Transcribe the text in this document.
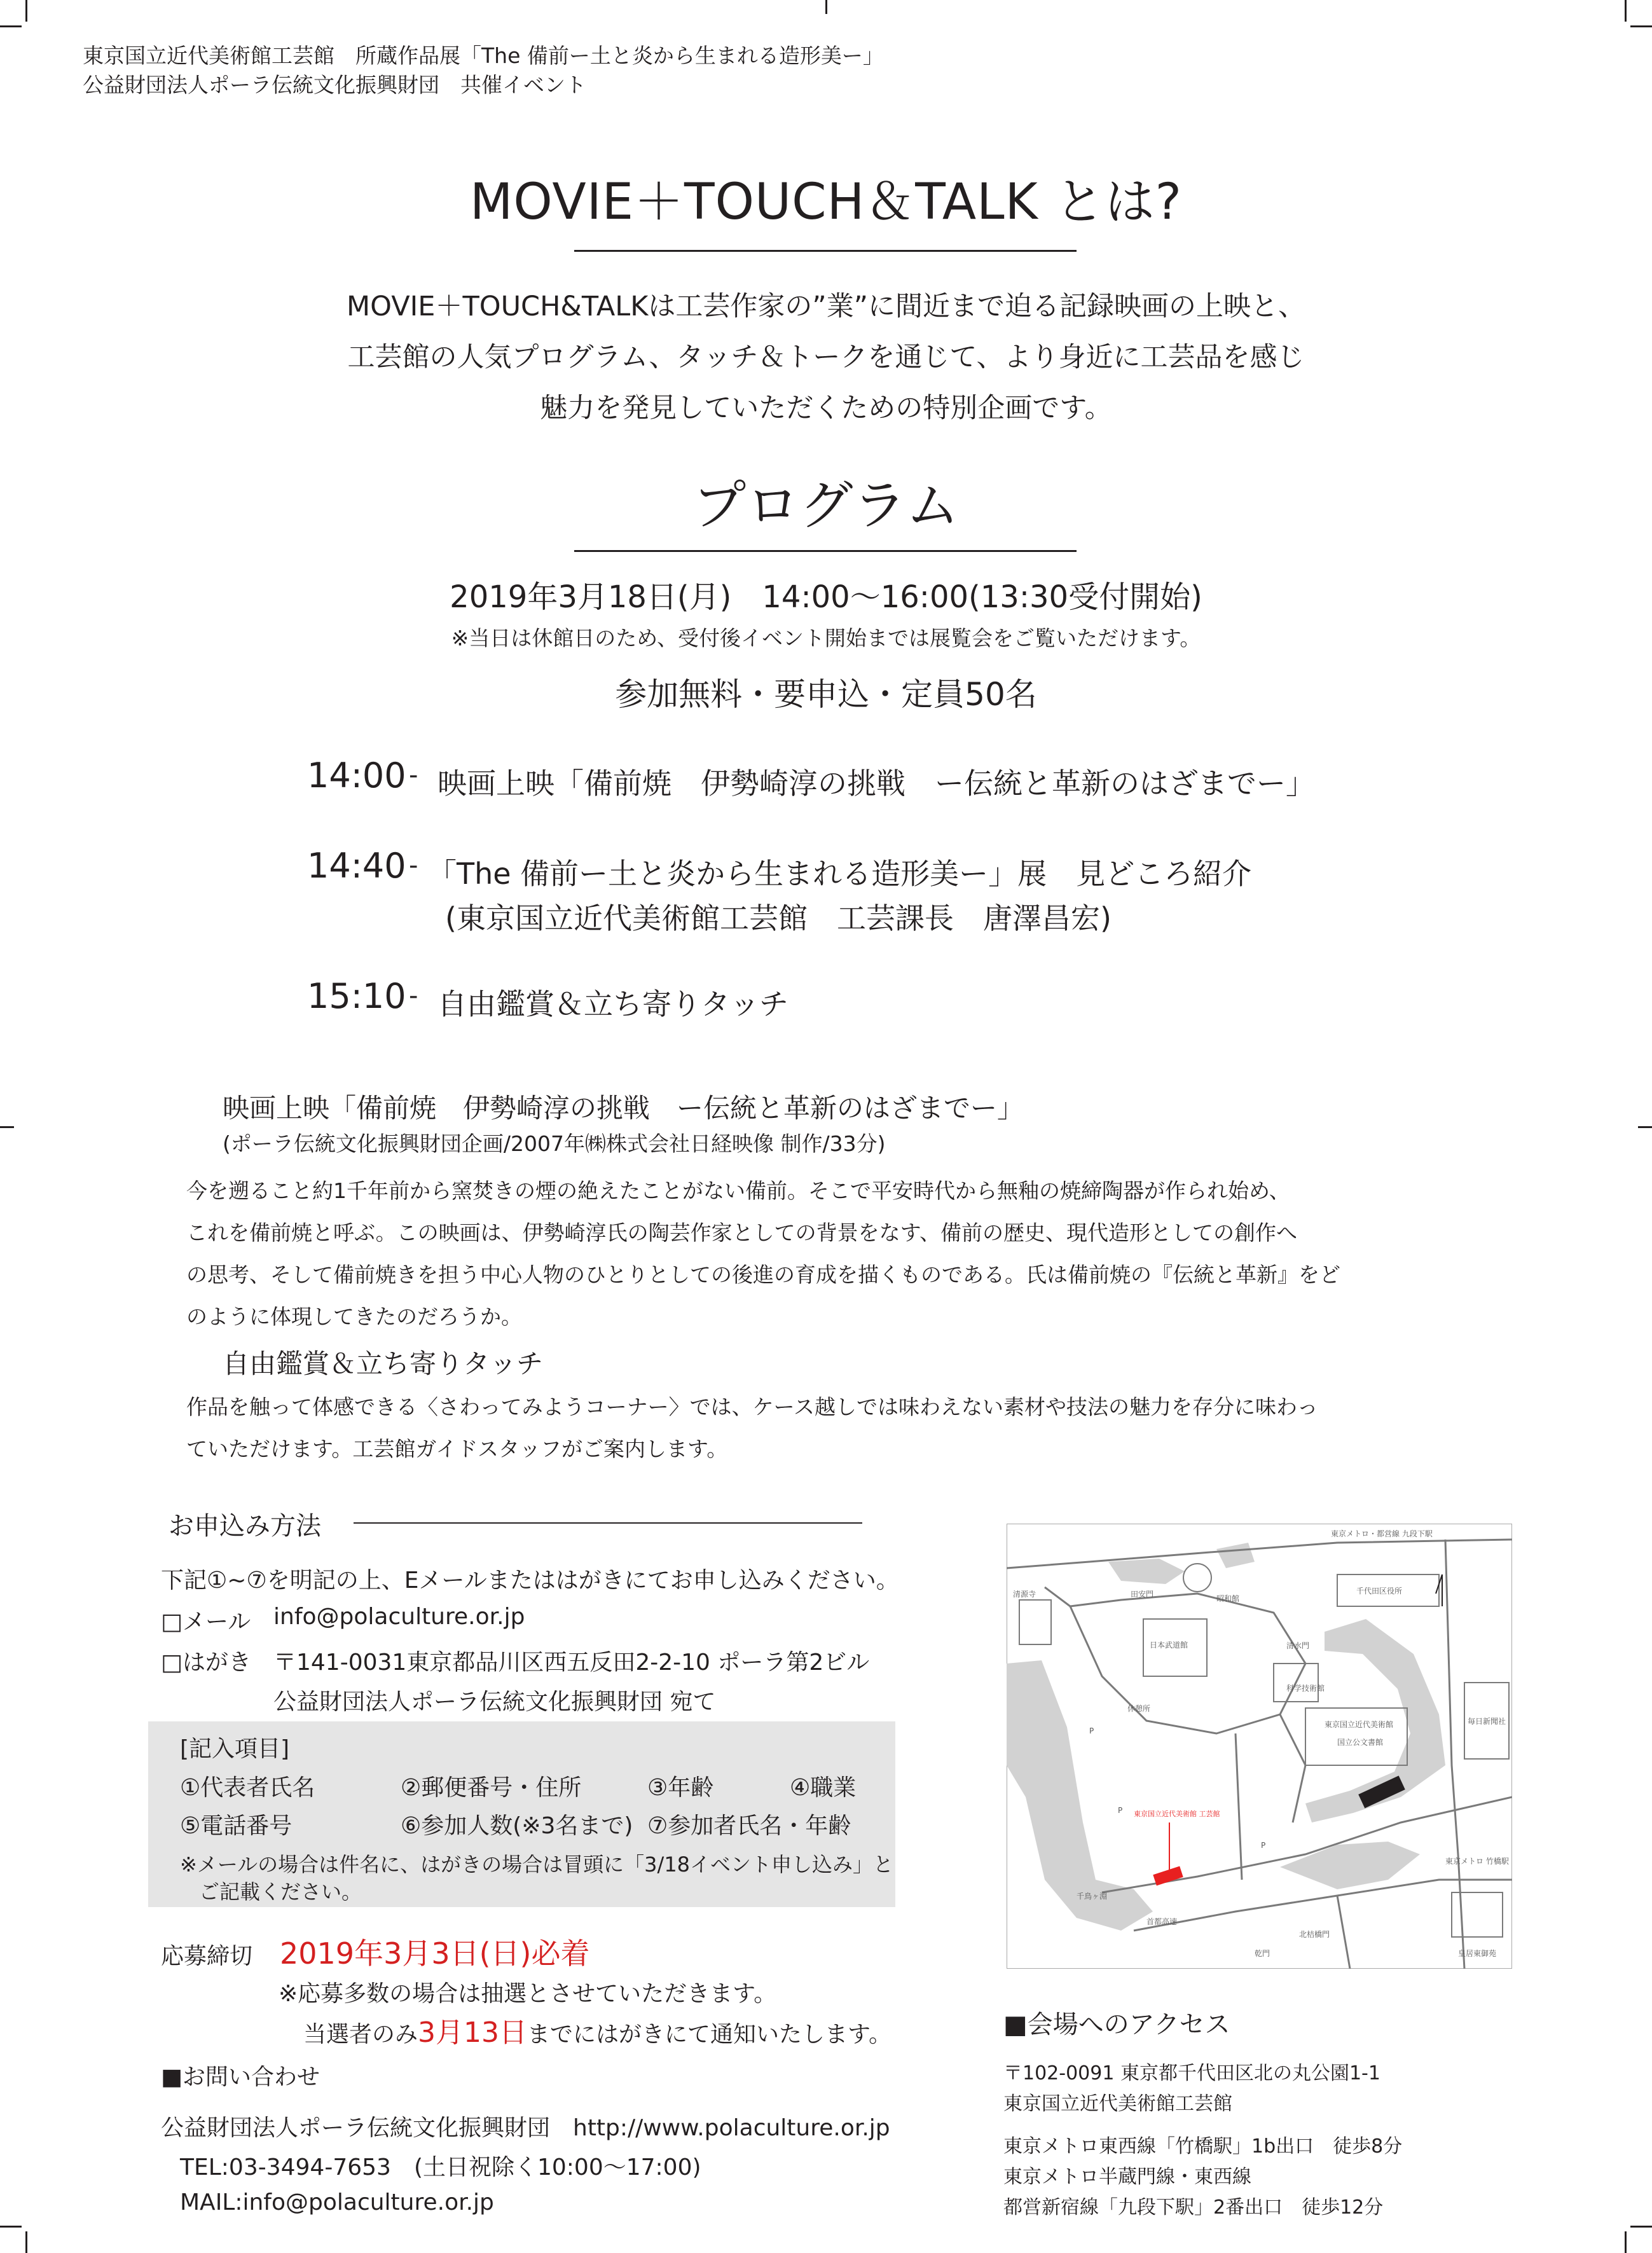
東京国立近代美術館工芸館　所蔵作品展「The 備前ー土と炎から生まれる造形美ー」
公益財団法人ポーラ伝統文化振興財団　共催イベント
MOVIE＋TOUCH＆TALK とは?
MOVIE＋TOUCH&TALKは工芸作家の”業”に間近まで迫る記録映画の上映と、
工芸館の人気プログラム、タッチ＆トークを通じて、より身近に工芸品を感じ
魅力を発見していただくための特別企画です。
プログラム
2019年3月18日(月)　14:00〜16:00(13:30受付開始)
※当日は休館日のため、受付後イベント開始までは展覧会をご覧いただけます。
参加無料・要申込・定員50名
14:00 - 映画上映「備前焼　伊勢崎淳の挑戦　ー伝統と革新のはざまでー」
14:40 - 「The 備前ー土と炎から生まれる造形美ー」展　見どころ紹介
(東京国立近代美術館工芸館　工芸課長　唐澤昌宏)
15:10 - 自由鑑賞＆立ち寄りタッチ
映画上映「備前焼　伊勢崎淳の挑戦　ー伝統と革新のはざまでー」
(ポーラ伝統文化振興財団企画/2007年㈱株式会社日経映像 制作/33分)
今を遡ること約1千年前から窯焚きの煙の絶えたことがない備前。そこで平安時代から無釉の焼締陶器が作られ始め、
これを備前焼と呼ぶ。この映画は、伊勢崎淳氏の陶芸作家としての背景をなす、備前の歴史、現代造形としての創作へ
の思考、そして備前焼きを担う中心人物のひとりとしての後進の育成を描くものである。氏は備前焼の『伝統と革新』をど
のように体現してきたのだろうか。
自由鑑賞＆立ち寄りタッチ
作品を触って体感できる〈さわってみようコーナー〉では、ケース越しでは味わえない素材や技法の魅力を存分に味わっ
ていただけます。工芸館ガイドスタッフがご案内します。
お申込み方法
下記①~⑦を明記の上、Eメールまたははがきにてお申し込みください。
□メール info@polaculture.or.jp
□はがき 〒141-0031東京都品川区西五反田2-2-10 ポーラ第2ビル
公益財団法人ポーラ伝統文化振興財団 宛て
[記入項目]
①代表者氏名	②郵便番号・住所	③年齢	④職業
⑤電話番号	⑥参加人数(※3名まで) ⑦参加者氏名・年齢
※メールの場合は件名に、はがきの場合は冒頭に「3/18イベント申し込み」と
ご記載ください。
応募締切 2019年3月3日(日)必着
※応募多数の場合は抽選とさせていただきます。
当選者のみ3月13日までにはがきにて通知いたします。
■お問い合わせ
公益財団法人ポーラ伝統文化振興財団　http://www.polaculture.or.jp
TEL:03-3494-7653　(土日祝除く10:00〜17:00)
MAIL:info@polaculture.or.jp
■会場へのアクセス
〒102-0091 東京都千代田区北の丸公園1-1
東京国立近代美術館工芸館
東京メトロ東西線「竹橋駅」1b出口　徒歩8分
東京メトロ半蔵門線・東西線
都営新宿線「九段下駅」2番出口　徒歩12分
東京メトロ・都営線 九段下駅
清源寺	田安門	昭和館
日本武道館
千代田区役所
清水門
休憩所
科学技術館
東京国立近代美術館
国立公文書館
毎日新聞社
千鳥ヶ淵
東京メトロ 竹橋駅
首都高速
乾門
北桔橋門
皇居東御苑
P
P
P 東京国立近代美術館 工芸館
